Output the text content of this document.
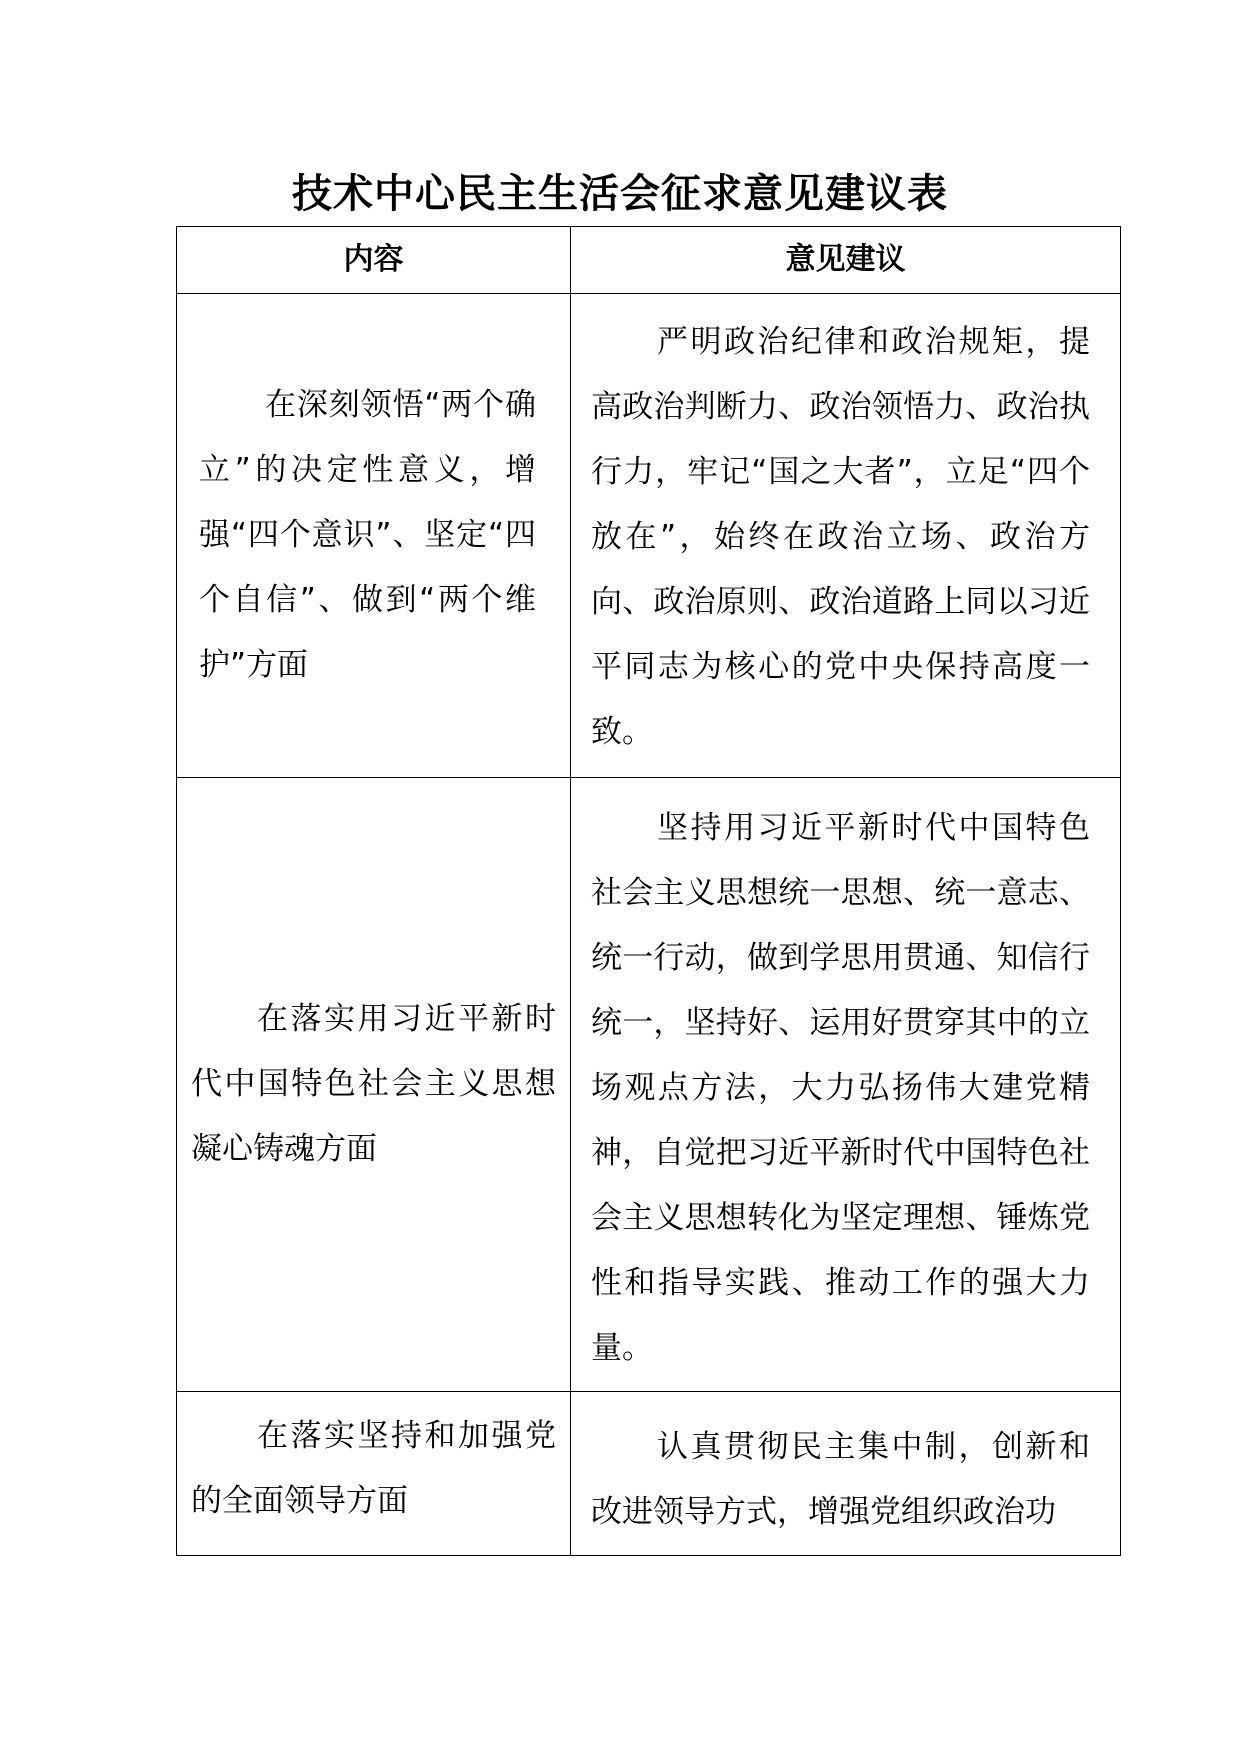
技术中心民主生活会征求意见建议表
内容	意见建议

在深刻领悟“两个确立”的决定性意义，增强“四个意识”、坚定“四个自信”、做到“两个维护”方面	严明政治纪律和政治规矩，提高政治判断力、政治领悟力、政治执行力，牢记“国之大者”，立足“四个放在”，始终在政治立场、政治方向、政治原则、政治道路上同以习近平同志为核心的党中央保持高度一致。

在落实用习近平新时代中国特色社会主义思想凝心铸魂方面	坚持用习近平新时代中国特色社会主义思想统一思想、统一意志、统一行动，做到学思用贯通、知信行统一，坚持好、运用好贯穿其中的立场观点方法，大力弘扬伟大建党精神，自觉把习近平新时代中国特色社会主义思想转化为坚定理想、锤炼党性和指导实践、推动工作的强大力量。

在落实坚持和加强党的全面领导方面	认真贯彻民主集中制，创新和改进领导方式，增强党组织政治功
